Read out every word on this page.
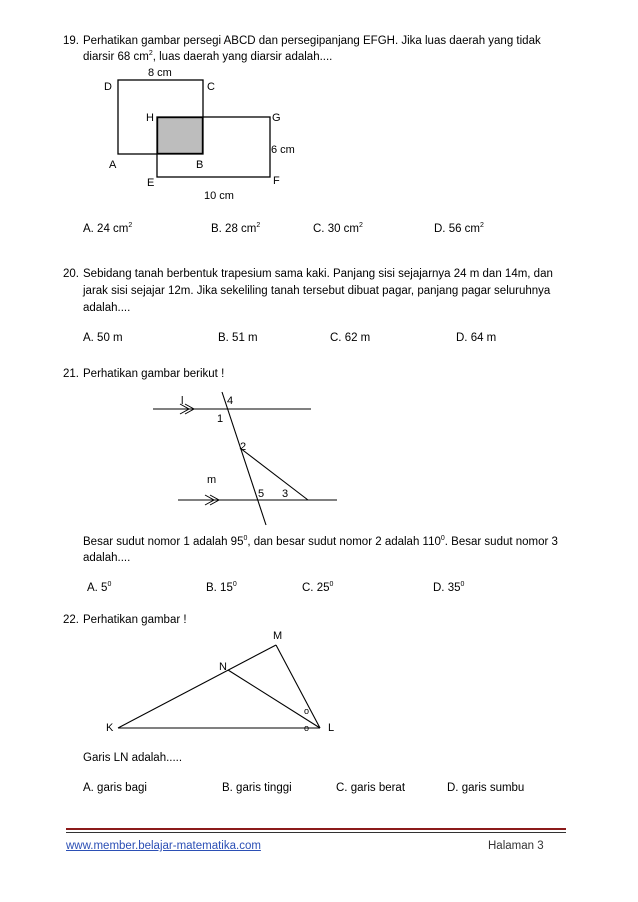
19. Perhatikan gambar persegi ABCD dan persegipanjang EFGH. Jika luas daerah yang tidak
diarsir 68 $cm^2$, luas daerah yang diarsir adalah....
8 cm
D	C
H	G
6 cm
A	B
E	F
10 cm
A. 24 $cm^2$	B. 28 $cm^2$	C. 30 $cm^2$	D. 56 $cm^2$
20. Sebidang tanah berbentuk trapesium sama kaki. Panjang sisi sejajarnya 24 m dan 14m, dan
jarak sisi sejajar 12m. Jika sekeliling tanah tersebut dibuat pagar, panjang pagar seluruhnya
adalah....
A. 50 m	B. 51 m	C. 62 m	D. 64 m
21. Perhatikan gambar berikut !
l	4
1
2
m
5 3
Besar sudut nomor 1 adalah $95^0$, dan besar sudut nomor 2 adalah $110^0$. Besar sudut nomor 3
adalah....
A. $5^0$	B. $15^0$	C. $25^0$	D. $35^0$
22. Perhatikan gambar !
M
N
K	L
o
o
Garis LN adalah.....
A. garis bagi	B. garis tinggi	C. garis berat	D. garis sumbu
www.member.belajar-matematika.com	Halaman 3
